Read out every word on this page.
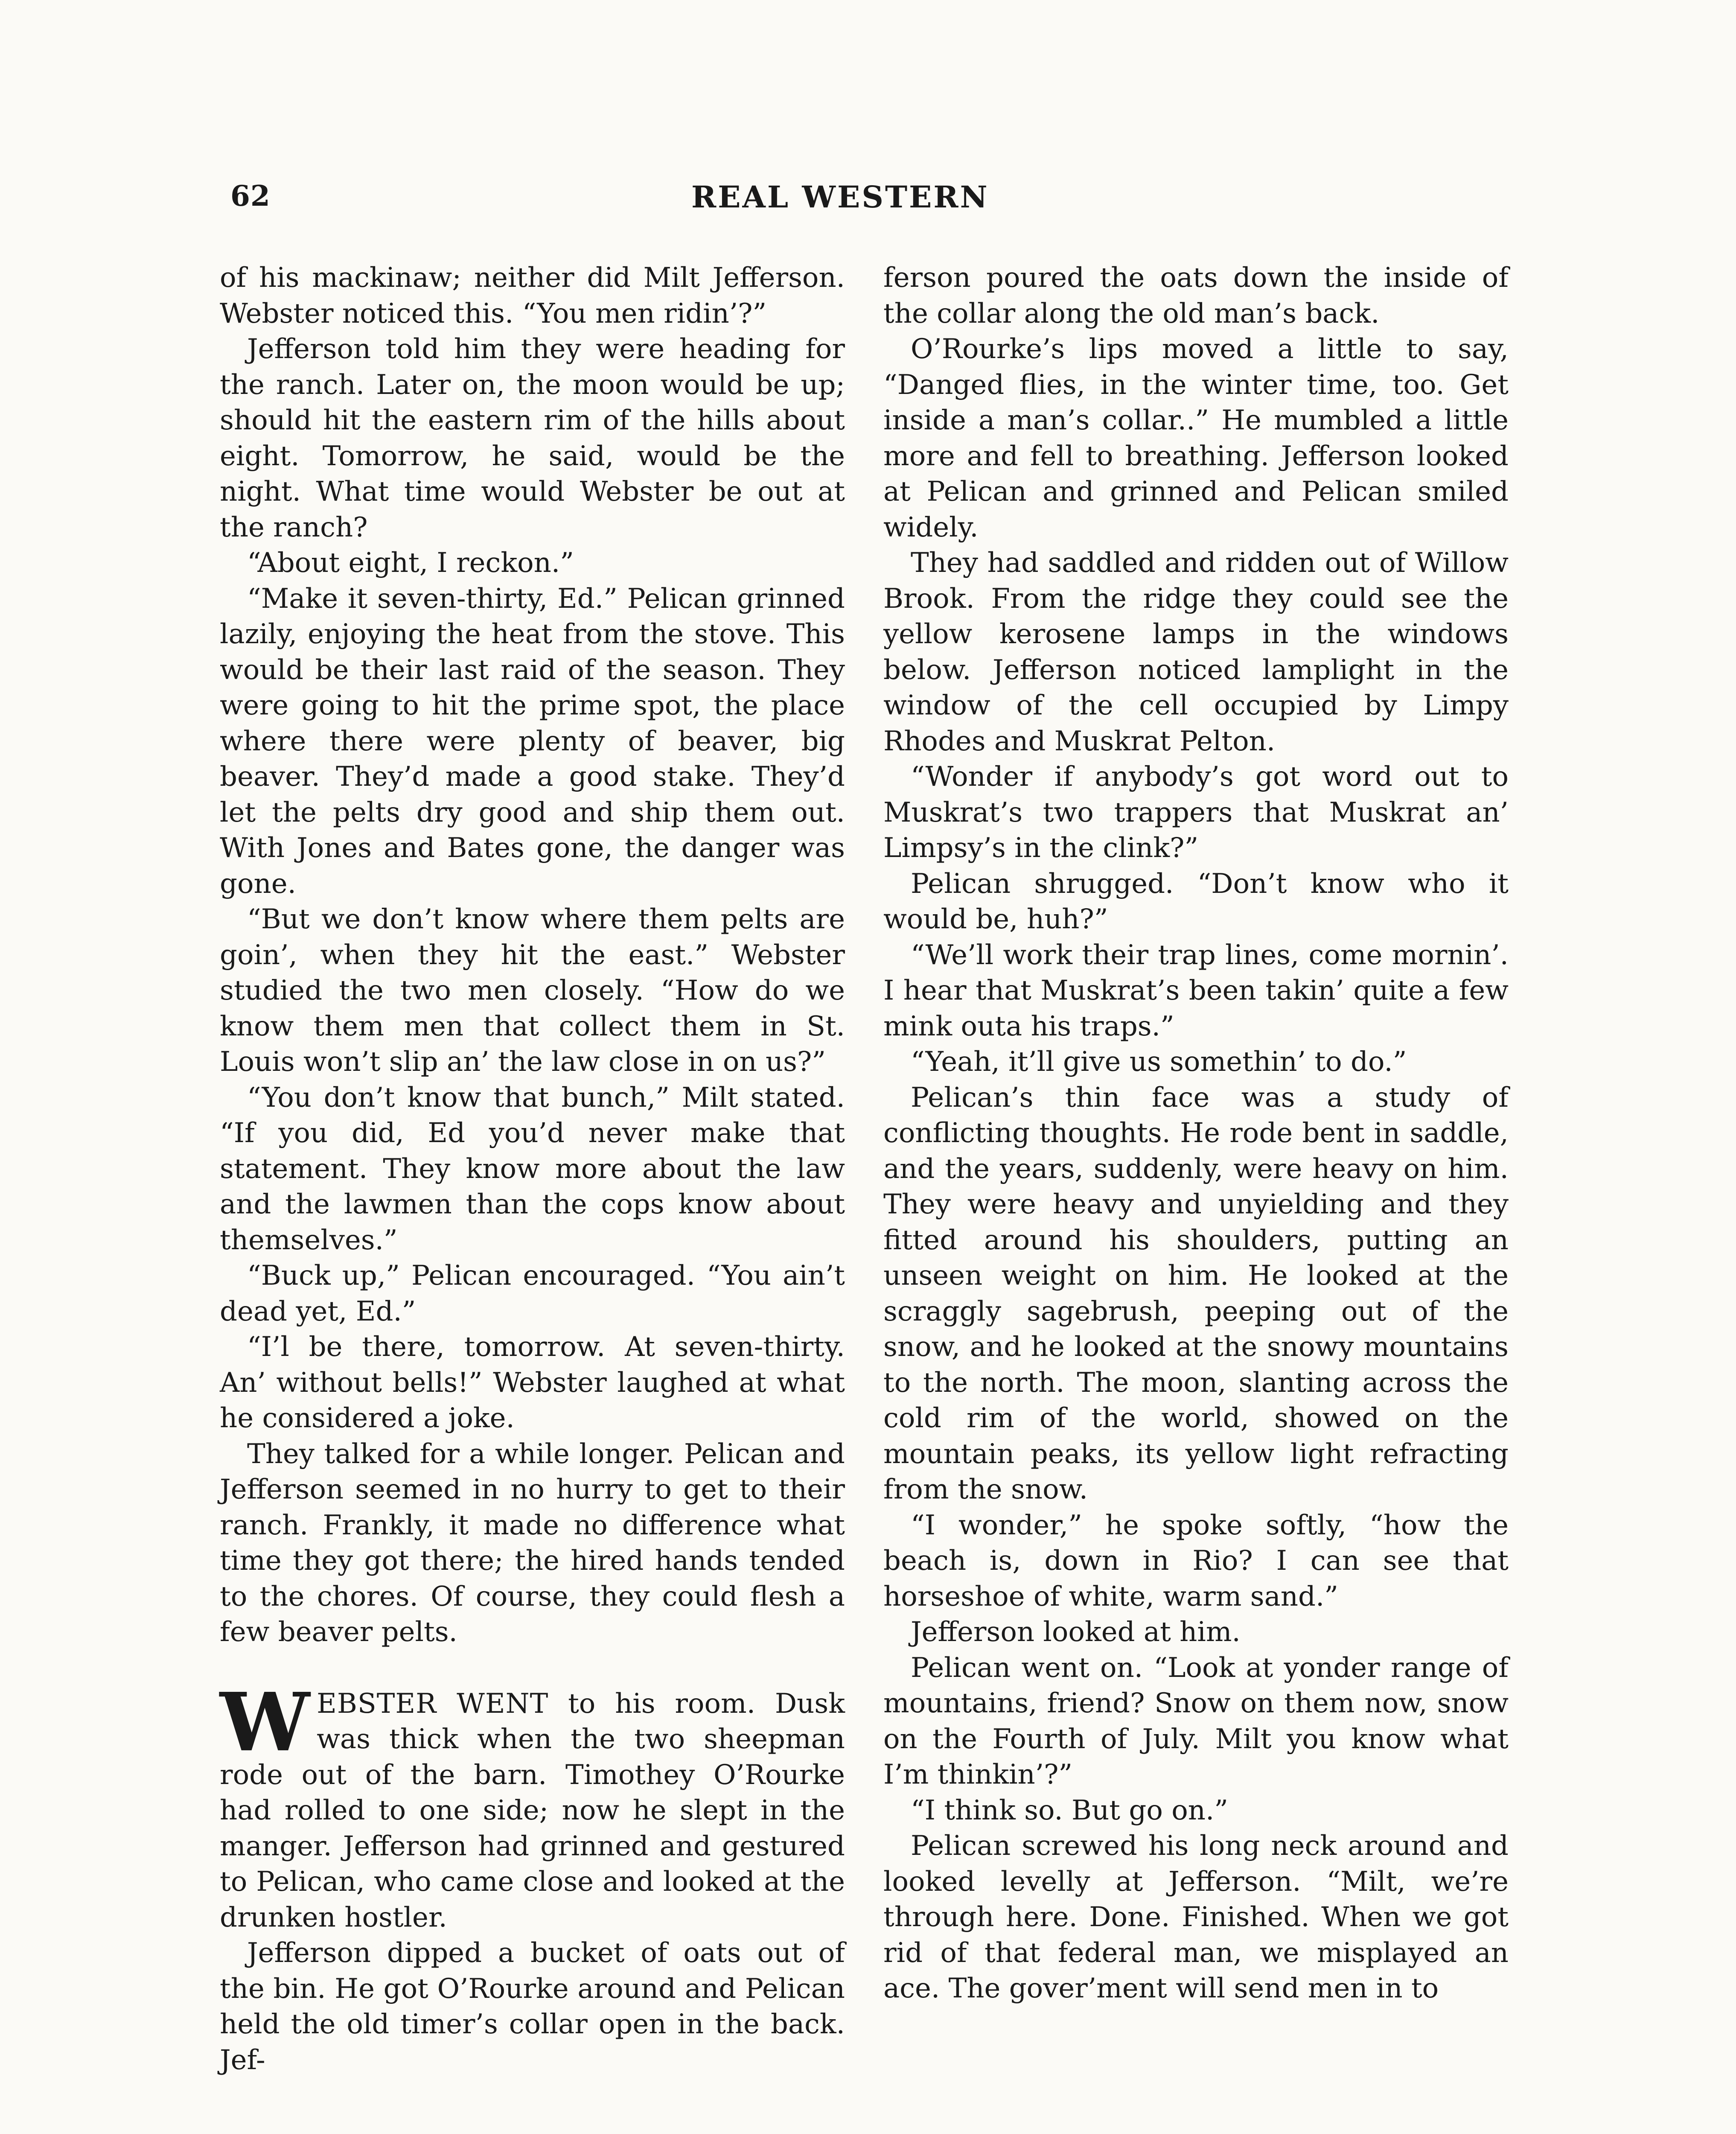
62	REAL WESTERN

of his mackinaw; neither did Milt Jefferson. Webster noticed this. “You men ridin’?”

Jefferson told him they were heading for the ranch. Later on, the moon would be up; should hit the eastern rim of the hills about eight. Tomorrow, he said, would be the night. What time would Webster be out at the ranch?

“About eight, I reckon.”

“Make it seven-thirty, Ed.” Pelican grinned lazily, enjoying the heat from the stove. This would be their last raid of the season. They were going to hit the prime spot, the place where there were plenty of beaver, big beaver. They’d made a good stake. They’d let the pelts dry good and ship them out. With Jones and Bates gone, the danger was gone.

“But we don’t know where them pelts are goin’, when they hit the east.” Webster studied the two men closely. “How do we know them men that collect them in St. Louis won’t slip an’ the law close in on us?”

“You don’t know that bunch,” Milt stated. “If you did, Ed you’d never make that statement. They know more about the law and the lawmen than the cops know about themselves.”

“Buck up,” Pelican encouraged. “You ain’t dead yet, Ed.”

“I’l be there, tomorrow. At seven-thirty. An’ without bells!” Webster laughed at what he considered a joke.

They talked for a while longer. Pelican and Jefferson seemed in no hurry to get to their ranch. Frankly, it made no difference what time they got there; the hired hands tended to the chores. Of course, they could flesh a few beaver pelts.

WEBSTER WENT to his room. Dusk was thick when the two sheepman rode out of the barn. Timothey O’Rourke had rolled to one side; now he slept in the manger. Jefferson had grinned and gestured to Pelican, who came close and looked at the drunken hostler.

Jefferson dipped a bucket of oats out of the bin. He got O’Rourke around and Pelican held the old timer’s collar open in the back. Jef-

ferson poured the oats down the inside of the collar along the old man’s back.

O’Rourke’s lips moved a little to say, “Danged flies, in the winter time, too. Get inside a man’s collar..” He mumbled a little more and fell to breathing. Jefferson looked at Pelican and grinned and Pelican smiled widely.

They had saddled and ridden out of Willow Brook. From the ridge they could see the yellow kerosene lamps in the windows below. Jefferson noticed lamplight in the window of the cell occupied by Limpy Rhodes and Muskrat Pelton.

“Wonder if anybody’s got word out to Muskrat’s two trappers that Muskrat an’ Limpsy’s in the clink?”

Pelican shrugged. “Don’t know who it would be, huh?”

“We’ll work their trap lines, come mornin’. I hear that Muskrat’s been takin’ quite a few mink outa his traps.”

“Yeah, it’ll give us somethin’ to do.”

Pelican’s thin face was a study of conflicting thoughts. He rode bent in saddle, and the years, suddenly, were heavy on him. They were heavy and unyielding and they fitted around his shoulders, putting an unseen weight on him. He looked at the scraggly sagebrush, peeping out of the snow, and he looked at the snowy mountains to the north. The moon, slanting across the cold rim of the world, showed on the mountain peaks, its yellow light refracting from the snow.

“I wonder,” he spoke softly, “how the beach is, down in Rio? I can see that horseshoe of white, warm sand.”

Jefferson looked at him.

Pelican went on. “Look at yonder range of mountains, friend? Snow on them now, snow on the Fourth of July. Milt you know what I’m thinkin’?”

“I think so. But go on.”

Pelican screwed his long neck around and looked levelly at Jefferson. “Milt, we’re through here. Done. Finished. When we got rid of that federal man, we misplayed an ace. The gover’ment will send men in to
